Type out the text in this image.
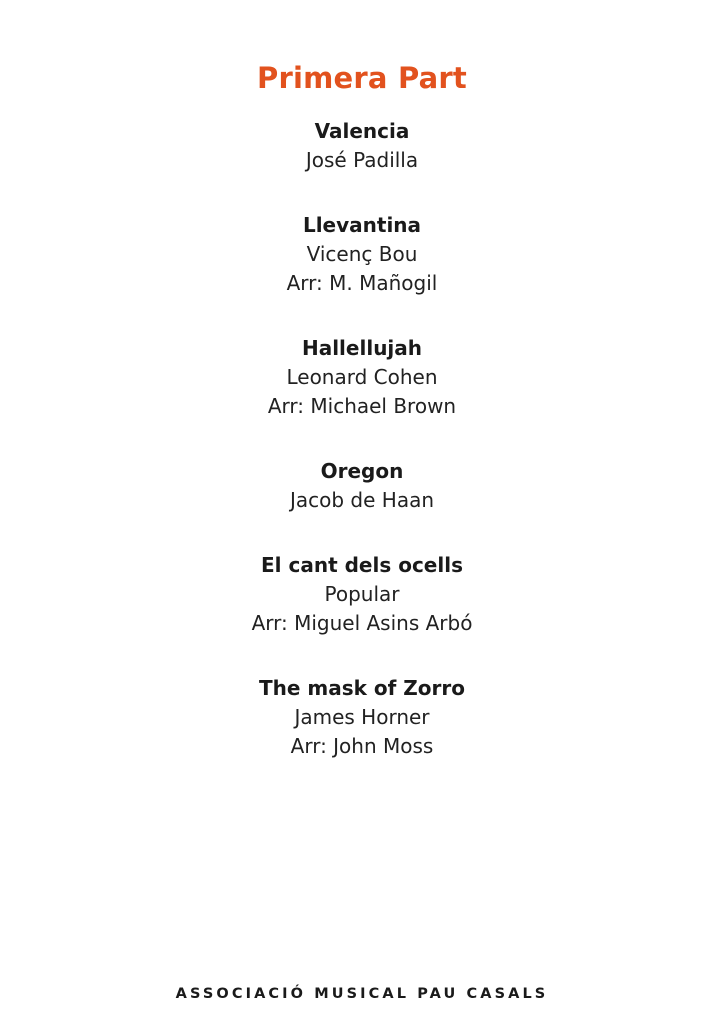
Primera Part
Valencia
José Padilla
Llevantina
Vicenç Bou
Arr: M. Mañogil
Hallellujah
Leonard Cohen
Arr: Michael Brown
Oregon
Jacob de Haan
El cant dels ocells
Popular
Arr: Miguel Asins Arbó
The mask of Zorro
James Horner
Arr: John Moss
ASSOCIACIÓ MUSICAL PAU CASALS
